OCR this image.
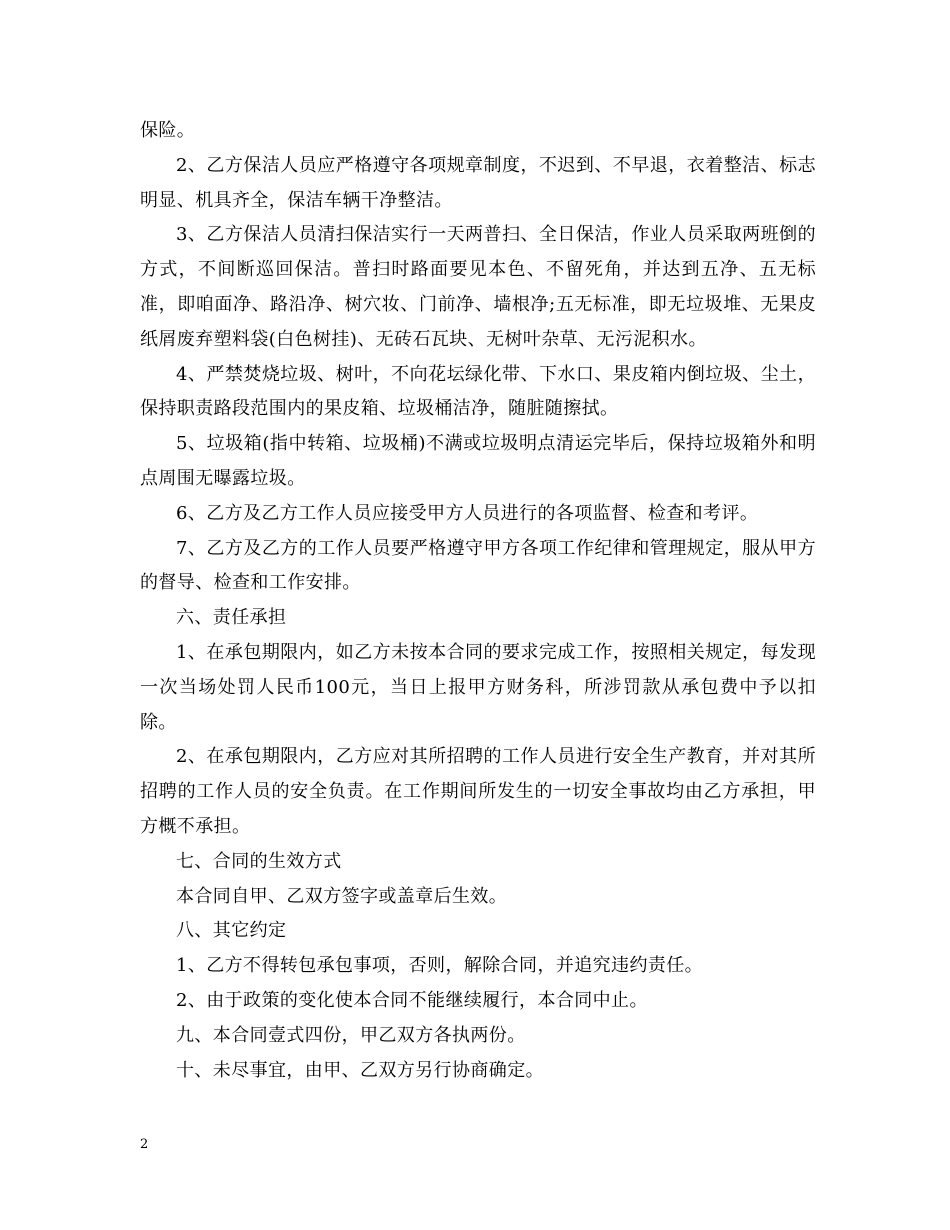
保险。

2、乙方保洁人员应严格遵守各项规章制度，不迟到、不早退，衣着整洁、标志明显、机具齐全，保洁车辆干净整洁。

3、乙方保洁人员清扫保洁实行一天两普扫、全日保洁，作业人员采取两班倒的方式，不间断巡回保洁。普扫时路面要见本色、不留死角，并达到五净、五无标准，即咱面净、路沿净、树穴妆、门前净、墙根净;五无标准，即无垃圾堆、无果皮纸屑废弃塑料袋(白色树挂)、无砖石瓦块、无树叶杂草、无污泥积水。

4、严禁焚烧垃圾、树叶，不向花坛绿化带、下水口、果皮箱内倒垃圾、尘土，保持职责路段范围内的果皮箱、垃圾桶洁净，随脏随擦拭。

5、垃圾箱(指中转箱、垃圾桶)不满或垃圾明点清运完毕后，保持垃圾箱外和明点周围无曝露垃圾。

6、乙方及乙方工作人员应接受甲方人员进行的各项监督、检查和考评。

7、乙方及乙方的工作人员要严格遵守甲方各项工作纪律和管理规定，服从甲方的督导、检查和工作安排。

六、责任承担

1、在承包期限内，如乙方未按本合同的要求完成工作，按照相关规定，每发现一次当场处罚人民币100元，当日上报甲方财务科，所涉罚款从承包费中予以扣除。

2、在承包期限内，乙方应对其所招聘的工作人员进行安全生产教育，并对其所招聘的工作人员的安全负责。在工作期间所发生的一切安全事故均由乙方承担，甲方概不承担。

七、合同的生效方式

本合同自甲、乙双方签字或盖章后生效。

八、其它约定

1、乙方不得转包承包事项，否则，解除合同，并追究违约责任。

2、由于政策的变化使本合同不能继续履行，本合同中止。

九、本合同壹式四份，甲乙双方各执两份。

十、未尽事宜，由甲、乙双方另行协商确定。

2
